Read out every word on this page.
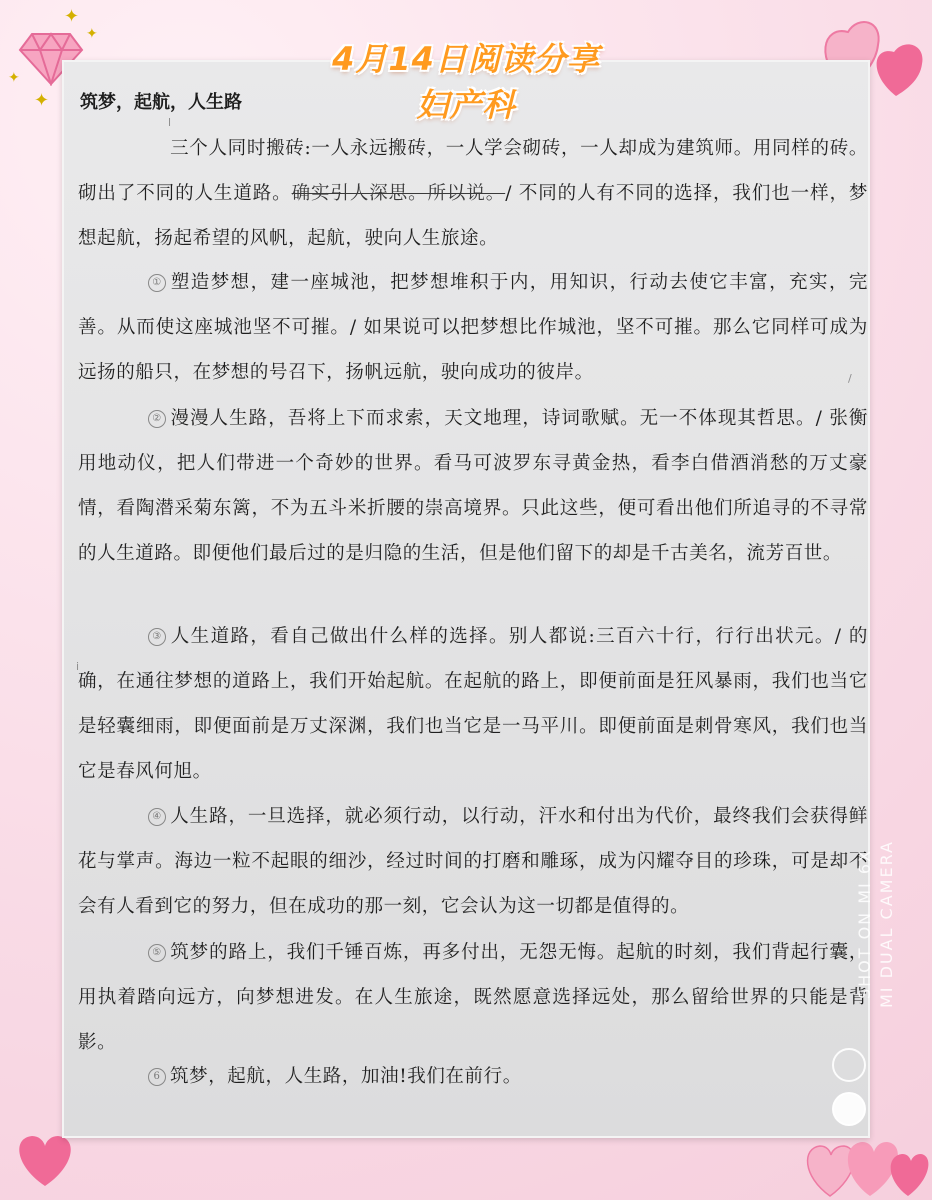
✦
✦
✦
✦
4月14日阅读分享
妇产科
筑梦，起航，人生路
l
/
i
三个人同时搬砖:一人永远搬砖，一人学会砌砖，一人却成为建筑师。用同样的砖。砌出了不同的人生道路。确实引人深思。所以说。/ 不同的人有不同的选择，我们也一样，梦想起航，扬起希望的风帆，起航，驶向人生旅途。
① 塑造梦想，建一座城池，把梦想堆积于内，用知识，行动去使它丰富，充实，完善。从而使这座城池坚不可摧。/ 如果说可以把梦想比作城池，坚不可摧。那么它同样可成为远扬的船只，在梦想的号召下，扬帆远航，驶向成功的彼岸。
② 漫漫人生路，吾将上下而求索，天文地理，诗词歌赋。无一不体现其哲思。/ 张衡用地动仪，把人们带进一个奇妙的世界。看马可波罗东寻黄金热，看李白借酒消愁的万丈豪情，看陶潜采菊东篱，不为五斗米折腰的崇高境界。只此这些，便可看出他们所追寻的不寻常的人生道路。即便他们最后过的是归隐的生活，但是他们留下的却是千古美名，流芳百世。
③ 人生道路，看自己做出什么样的选择。别人都说:三百六十行，行行出状元。/ 的确，在通往梦想的道路上，我们开始起航。在起航的路上，即便前面是狂风暴雨，我们也当它是轻囊细雨，即便面前是万丈深渊，我们也当它是一马平川。即便前面是刺骨寒风，我们也当它是春风何旭。
④ 人生路，一旦选择，就必须行动，以行动，汗水和付出为代价，最终我们会获得鲜花与掌声。海边一粒不起眼的细沙，经过时间的打磨和雕琢，成为闪耀夺目的珍珠，可是却不会有人看到它的努力，但在成功的那一刻，它会认为这一切都是值得的。
⑤ 筑梦的路上，我们千锤百炼，再多付出，无怨无悔。起航的时刻，我们背起行囊，用执着踏向远方，向梦想进发。在人生旅途，既然愿意选择远处，那么留给世界的只能是背影。
6 筑梦，起航，人生路，加油!我们在前行。
SHOT ON MI 6X MI DUAL CAMERA
